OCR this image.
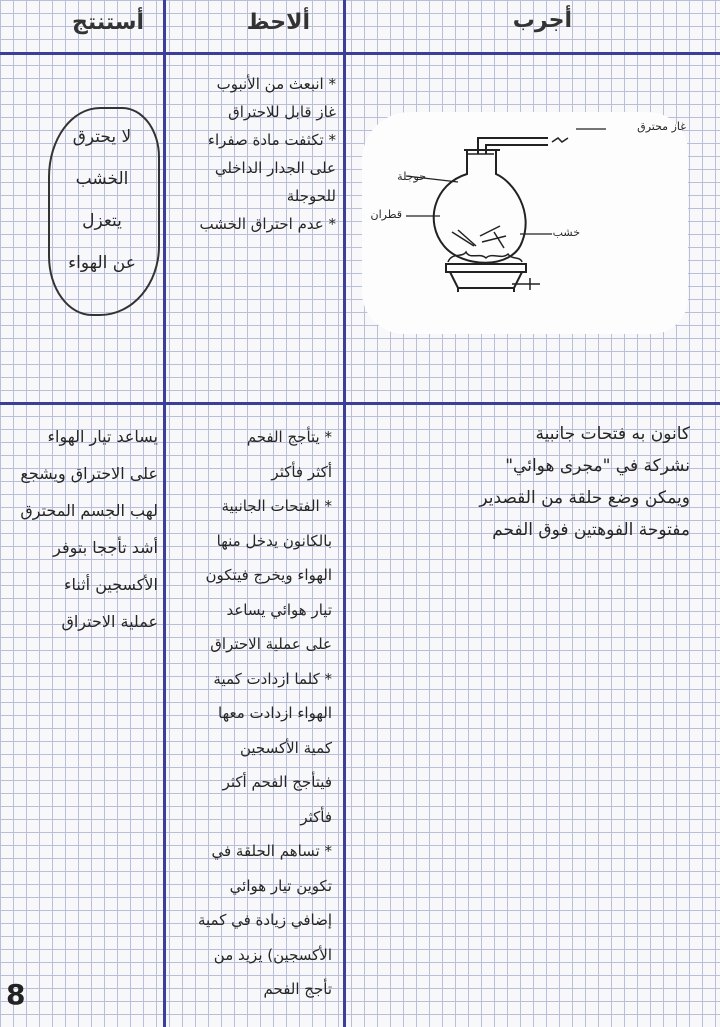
أجرب
ألاحظ
أستنتج
غاز محترق
حوجلة
قطران
خشب
* انبعث من الأنبوب
غاز قابل للاحتراق
* تكثفت مادة صفراء
على الجدار الداخلي
للحوجلة
* عدم احتراق الخشب
لا يحترق
الخشب
يتعزل
عن الهواء
كانون به فتحات جانبية
نشركة في "مجرى هوائي"
ويمكن وضع حلقة من القصدير
مفتوحة الفوهتين فوق الفحم
* يتأجج الفحم
أكثر فأكثر
* الفتحات الجانبية
بالكانون يدخل منها
الهواء ويخرج فيتكون
تيار هوائي يساعد
على عملية الاحتراق
* كلما ازدادت كمية
الهواء ازدادت معها
كمية الأكسجين
فيتأجج الفحم أكثر
فأكثر
* تساهم الحلقة في
تكوين تيار هوائي
إضافي زيادة في كمية
الأكسجين) يزيد من
تأجج الفحم
يساعد تيار الهواء
على الاحتراق ويشجع
لهب الجسم المحترق
أشد تأججا بتوفر
الأكسجين أثناء
عملية الاحتراق
8
